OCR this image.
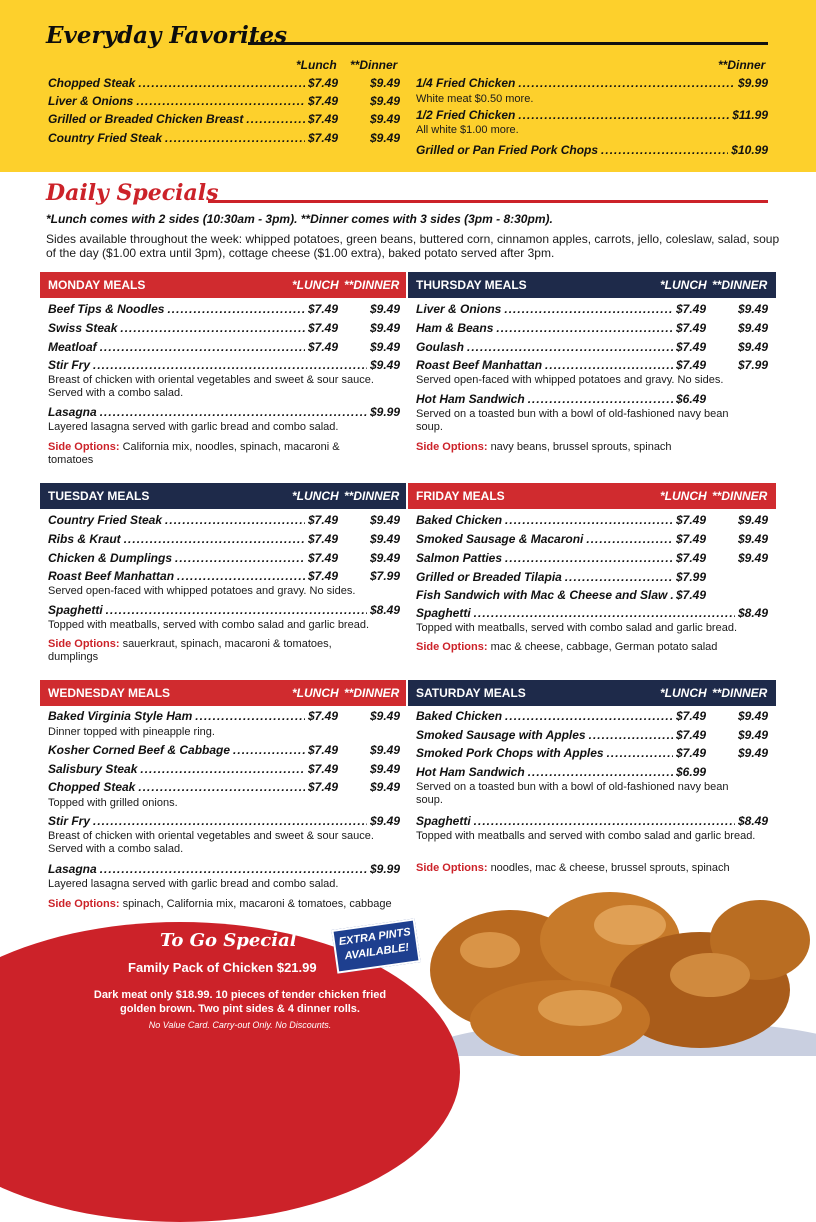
Everyday Favorites
*Lunch **Dinner	**Dinner
Chopped Steak .....	$7.49	$9.49
Liver & Onions .....	$7.49	$9.49
Grilled or Breaded Chicken Breast .....	$7.49	$9.49
Country Fried Steak .....	$7.49	$9.49
1/4 Fried Chicken .....	$9.99
White meat $0.50 more.
1/2 Fried Chicken .....	$11.99
All white $1.00 more.
Grilled or Pan Fried Pork Chops .....	$10.99
Daily Specials
*Lunch comes with 2 sides (10:30am - 3pm). **Dinner comes with 3 sides (3pm - 8:30pm).
Sides available throughout the week: whipped potatoes, green beans, buttered corn, cinnamon apples, carrots, jello, coleslaw, salad, soup of the day ($1.00 extra until 3pm), cottage cheese ($1.00 extra), baked potato served after 3pm.
MONDAY MEALS	*LUNCH **DINNER
Beef Tips & Noodles .....	$7.49	$9.49
Swiss Steak .....	$7.49	$9.49
Meatloaf .....	$7.49	$9.49
Stir Fry .....	$9.49
Breast of chicken with oriental vegetables and sweet & sour sauce. Served with a combo salad.
Lasagna .....	$9.99
Layered lasagna served with garlic bread and combo salad.
Side Options: California mix, noodles, spinach, macaroni & tomatoes
THURSDAY MEALS	*LUNCH **DINNER
Liver & Onions .....	$7.49	$9.49
Ham & Beans .....	$7.49	$9.49
Goulash .....	$7.49	$9.49
Roast Beef Manhattan .....	$7.49	$7.99
Served open-faced with whipped potatoes and gravy. No sides.
Hot Ham Sandwich .....	$6.49
Served on a toasted bun with a bowl of old-fashioned navy bean soup.
Side Options: navy beans, brussel sprouts, spinach
TUESDAY MEALS	*LUNCH **DINNER
Country Fried Steak .....	$7.49	$9.49
Ribs & Kraut .....	$7.49	$9.49
Chicken & Dumplings .....	$7.49	$9.49
Roast Beef Manhattan .....	$7.49	$7.99
Served open-faced with whipped potatoes and gravy. No sides.
Spaghetti .....	$8.49
Topped with meatballs, served with combo salad and garlic bread.
Side Options: sauerkraut, spinach, macaroni & tomatoes, dumplings
FRIDAY MEALS	*LUNCH **DINNER
Baked Chicken .....	$7.49	$9.49
Smoked Sausage & Macaroni .....	$7.49	$9.49
Salmon Patties .....	$7.49	$9.49
Grilled or Breaded Tilapia .....	$7.99
Fish Sandwich with Mac & Cheese and Slaw ..... $7.49
Spaghetti .....	$8.49
Topped with meatballs, served with combo salad and garlic bread.
Side Options: mac & cheese, cabbage, German potato salad
WEDNESDAY MEALS	*LUNCH **DINNER
Baked Virginia Style Ham .....	$7.49	$9.49
Dinner topped with pineapple ring.
Kosher Corned Beef & Cabbage .....	$7.49	$9.49
Salisbury Steak .....	$7.49	$9.49
Chopped Steak .....	$7.49	$9.49
Topped with grilled onions.
Stir Fry .....	$9.49
Breast of chicken with oriental vegetables and sweet & sour sauce. Served with a combo salad.
Lasagna .....	$9.99
Layered lasagna served with garlic bread and combo salad.
Side Options: spinach, California mix, macaroni & tomatoes, cabbage
SATURDAY MEALS	*LUNCH **DINNER
Baked Chicken .....	$7.49	$9.49
Smoked Sausage with Apples .....	$7.49	$9.49
Smoked Pork Chops with Apples .....	$7.49	$9.49
Hot Ham Sandwich .....	$6.99
Served on a toasted bun with a bowl of old-fashioned navy bean soup.
Spaghetti .....	$8.49
Topped with meatballs and served with combo salad and garlic bread.
Side Options: noodles, mac & cheese, brussel sprouts, spinach
To Go Special
Family Pack of Chicken $21.99
Dark meat only $18.99. 10 pieces of tender chicken fried golden brown. Two pint sides & 4 dinner rolls.
No Value Card. Carry-out Only. No Discounts.
EXTRA PINTS AVAILABLE!
